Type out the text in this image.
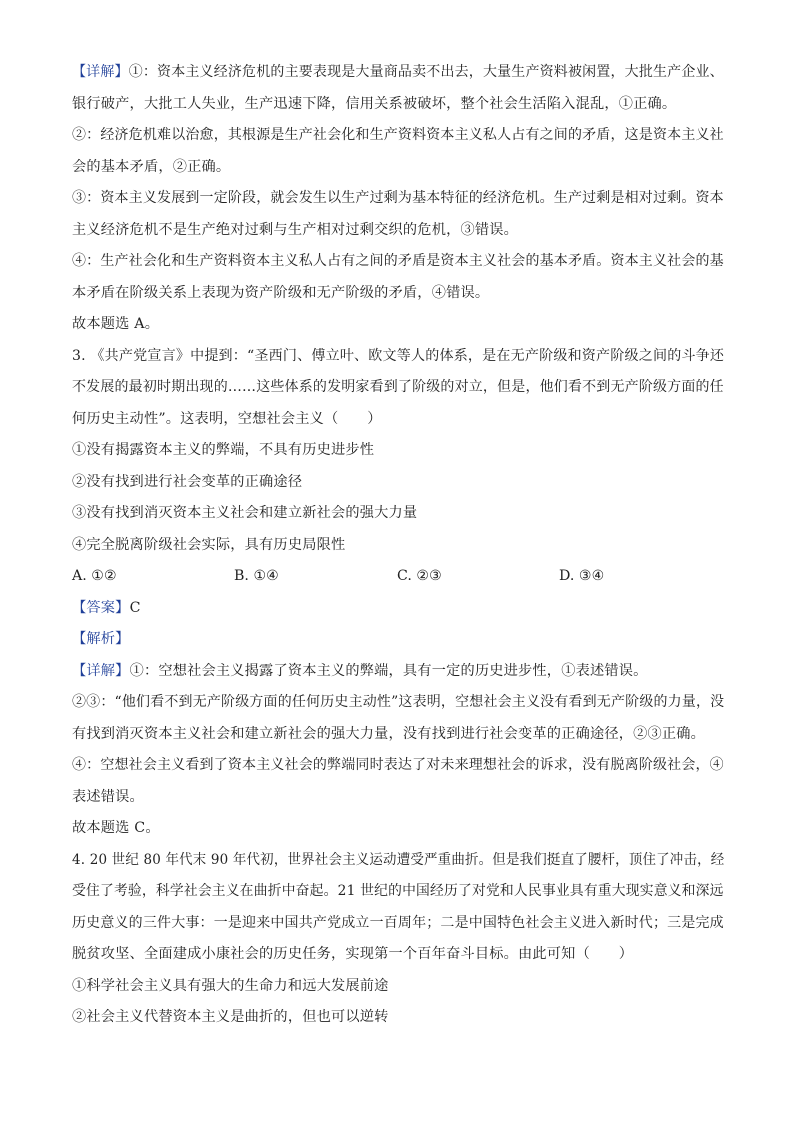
【详解】①：资本主义经济危机的主要表现是大量商品卖不出去，大量生产资料被闲置，大批生产企业、
银行破产，大批工人失业，生产迅速下降，信用关系被破坏，整个社会生活陷入混乱，①正确。
②：经济危机难以治愈，其根源是生产社会化和生产资料资本主义私人占有之间的矛盾，这是资本主义社
会的基本矛盾，②正确。
③：资本主义发展到一定阶段，就会发生以生产过剩为基本特征的经济危机。生产过剩是相对过剩。资本
主义经济危机不是生产绝对过剩与生产相对过剩交织的危机，③错误。
④：生产社会化和生产资料资本主义私人占有之间的矛盾是资本主义社会的基本矛盾。资本主义社会的基
本矛盾在阶级关系上表现为资产阶级和无产阶级的矛盾，④错误。
故本题选 A。
3. 《共产党宣言》中提到：“圣西门、傅立叶、欧文等人的体系，是在无产阶级和资产阶级之间的斗争还
不发展的最初时期出现的……这些体系的发明家看到了阶级的对立，但是，他们看不到无产阶级方面的任
何历史主动性”。这表明，空想社会主义（　　）
①没有揭露资本主义的弊端，不具有历史进步性
②没有找到进行社会变革的正确途径
③没有找到消灭资本主义社会和建立新社会的强大力量
④完全脱离阶级社会实际，具有历史局限性
A. ①②	B. ①④	C. ②③	D. ③④
【答案】C
【解析】
【详解】①：空想社会主义揭露了资本主义的弊端，具有一定的历史进步性，①表述错误。
②③：“他们看不到无产阶级方面的任何历史主动性”这表明，空想社会主义没有看到无产阶级的力量，没
有找到消灭资本主义社会和建立新社会的强大力量，没有找到进行社会变革的正确途径，②③正确。
④：空想社会主义看到了资本主义社会的弊端同时表达了对未来理想社会的诉求，没有脱离阶级社会，④
表述错误。
故本题选 C。
4. 20 世纪 80 年代末 90 年代初，世界社会主义运动遭受严重曲折。但是我们挺直了腰杆，顶住了冲击，经
受住了考验，科学社会主义在曲折中奋起。21 世纪的中国经历了对党和人民事业具有重大现实意义和深远
历史意义的三件大事：一是迎来中国共产党成立一百周年；二是中国特色社会主义进入新时代；三是完成
脱贫攻坚、全面建成小康社会的历史任务，实现第一个百年奋斗目标。由此可知（　　）
①科学社会主义具有强大的生命力和远大发展前途
②社会主义代替资本主义是曲折的，但也可以逆转
